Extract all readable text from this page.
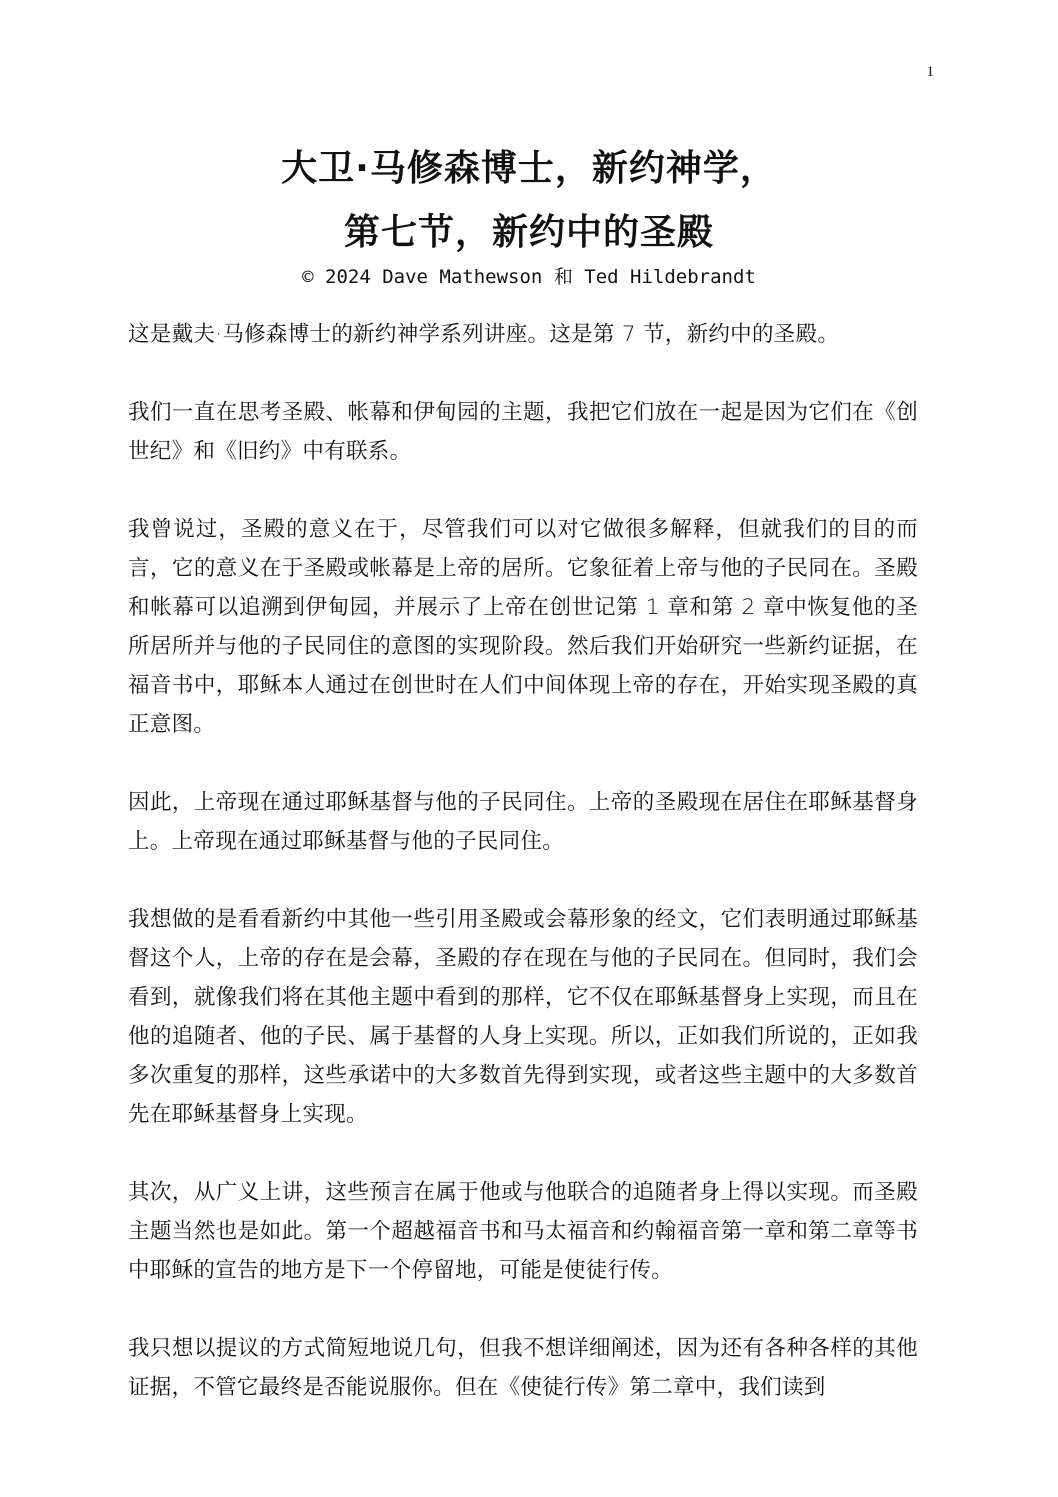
1
大卫·马修森博士，新约神学，
第七节，新约中的圣殿
© 2024 Dave Mathewson 和 Ted Hildebrandt

这是戴夫·马修森博士的新约神学系列讲座。这是第 7 节，新约中的圣殿。

我们一直在思考圣殿、帐幕和伊甸园的主题，我把它们放在一起是因为它们在《创世纪》和《旧约》中有联系。

我曾说过，圣殿的意义在于，尽管我们可以对它做很多解释，但就我们的目的而言，它的意义在于圣殿或帐幕是上帝的居所。它象征着上帝与他的子民同在。圣殿和帐幕可以追溯到伊甸园，并展示了上帝在创世记第 1 章和第 2 章中恢复他的圣所居所并与他的子民同住的意图的实现阶段。然后我们开始研究一些新约证据，在福音书中，耶稣本人通过在创世时在人们中间体现上帝的存在，开始实现圣殿的真正意图。

因此，上帝现在通过耶稣基督与他的子民同住。上帝的圣殿现在居住在耶稣基督身上。上帝现在通过耶稣基督与他的子民同住。

我想做的是看看新约中其他一些引用圣殿或会幕形象的经文，它们表明通过耶稣基督这个人，上帝的存在是会幕，圣殿的存在现在与他的子民同在。但同时，我们会看到，就像我们将在其他主题中看到的那样，它不仅在耶稣基督身上实现，而且在他的追随者、他的子民、属于基督的人身上实现。所以，正如我们所说的，正如我多次重复的那样，这些承诺中的大多数首先得到实现，或者这些主题中的大多数首先在耶稣基督身上实现。

其次，从广义上讲，这些预言在属于他或与他联合的追随者身上得以实现。而圣殿主题当然也是如此。第一个超越福音书和马太福音和约翰福音第一章和第二章等书中耶稣的宣告的地方是下一个停留地，可能是使徒行传。

我只想以提议的方式简短地说几句，但我不想详细阐述，因为还有各种各样的其他证据，不管它最终是否能说服你。但在《使徒行传》第二章中，我们读到
